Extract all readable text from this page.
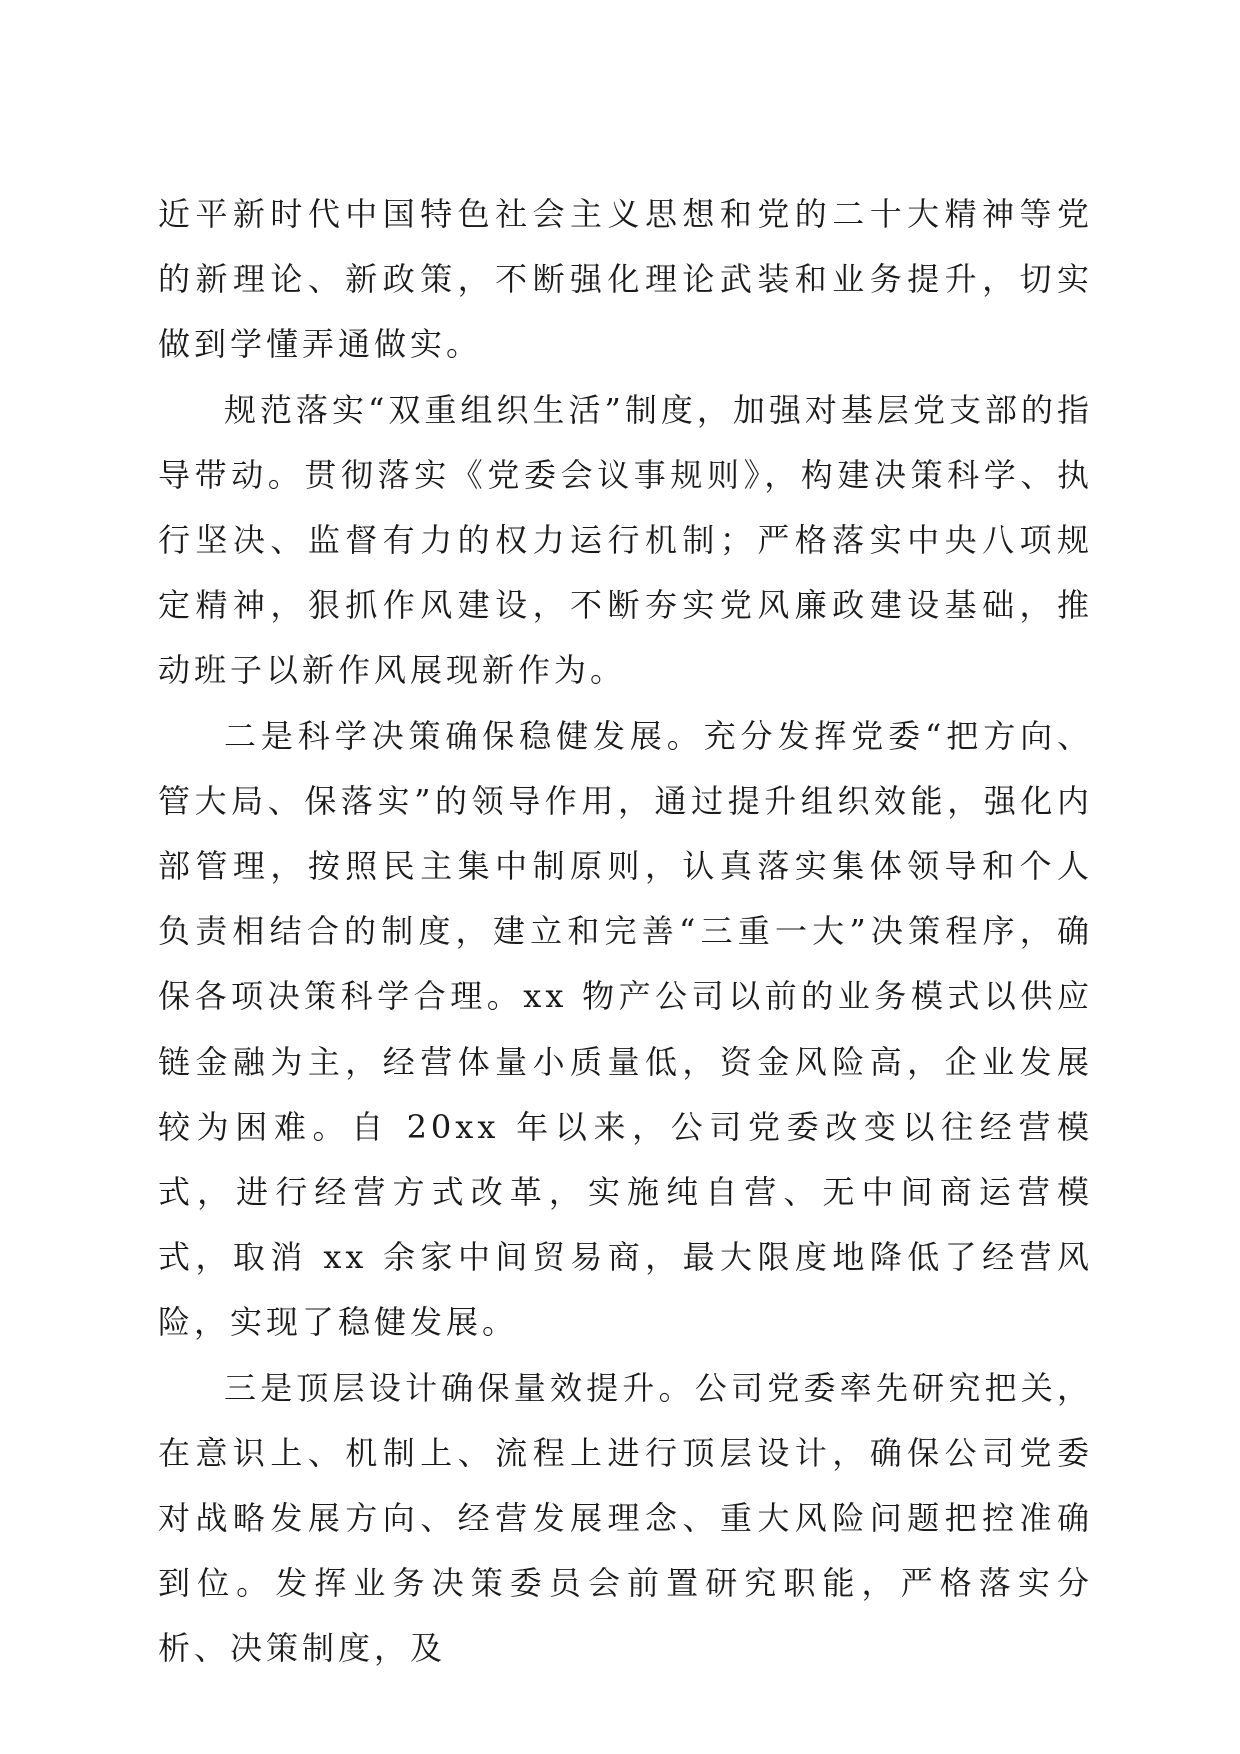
近平新时代中国特色社会主义思想和党的二十大精神等党的新理论、新政策，不断强化理论武装和业务提升，切实做到学懂弄通做实。

规范落实“双重组织生活”制度，加强对基层党支部的指导带动。贯彻落实《党委会议事规则》，构建决策科学、执行坚决、监督有力的权力运行机制；严格落实中央八项规定精神，狠抓作风建设，不断夯实党风廉政建设基础，推动班子以新作风展现新作为。

二是科学决策确保稳健发展。充分发挥党委“把方向、管大局、保落实”的领导作用，通过提升组织效能，强化内部管理，按照民主集中制原则，认真落实集体领导和个人负责相结合的制度，建立和完善“三重一大”决策程序，确保各项决策科学合理。xx 物产公司以前的业务模式以供应链金融为主，经营体量小质量低，资金风险高，企业发展较为困难。自 20xx 年以来，公司党委改变以往经营模式，进行经营方式改革，实施纯自营、无中间商运营模式，取消 xx 余家中间贸易商，最大限度地降低了经营风险，实现了稳健发展。

三是顶层设计确保量效提升。公司党委率先研究把关，在意识上、机制上、流程上进行顶层设计，确保公司党委对战略发展方向、经营发展理念、重大风险问题把控准确到位。发挥业务决策委员会前置研究职能，严格落实分析、决策制度，及
